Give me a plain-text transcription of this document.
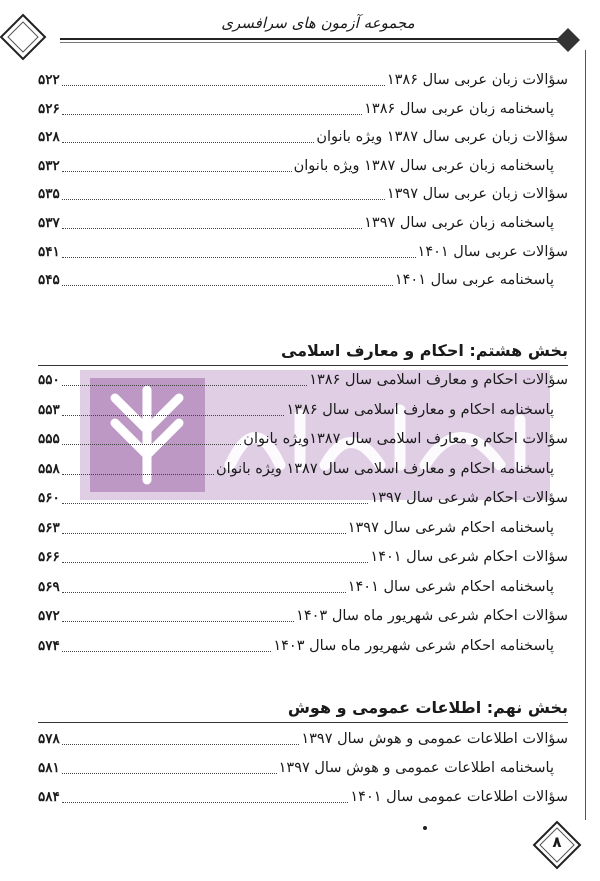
مجموعه آزمون های سرافسری
سؤالات زبان عربی سال ۱۳۸۶
۵۲۲
پاسخنامه زبان عربی سال ۱۳۸۶
۵۲۶
سؤالات زبان عربی سال ۱۳۸۷ ویژه بانوان
۵۲۸
پاسخنامه زبان عربی سال ۱۳۸۷ ویژه بانوان
۵۳۲
سؤالات زبان عربی سال ۱۳۹۷
۵۳۵
پاسخنامه زبان عربی سال ۱۳۹۷
۵۳۷
سؤالات عربی سال ۱۴۰۱
۵۴۱
پاسخنامه عربی سال ۱۴۰۱
۵۴۵
بخش هشتم: احکام و معارف اسلامی
سؤالات احکام و معارف اسلامی سال ۱۳۸۶
۵۵۰
پاسخنامه احکام و معارف اسلامی سال ۱۳۸۶
۵۵۳
سؤالات احکام و معارف اسلامی سال ۱۳۸۷ویژه بانوان
۵۵۵
پاسخنامه احکام و معارف اسلامی سال ۱۳۸۷ ویژه بانوان
۵۵۸
سؤالات احکام شرعی سال ۱۳۹۷
۵۶۰
پاسخنامه احکام شرعی سال ۱۳۹۷
۵۶۳
سؤالات احکام شرعی سال ۱۴۰۱
۵۶۶
پاسخنامه احکام شرعی سال ۱۴۰۱
۵۶۹
سؤالات احکام شرعی شهریور ماه سال ۱۴۰۳
۵۷۲
پاسخنامه احکام شرعی شهریور ماه سال ۱۴۰۳
۵۷۴
بخش نهم: اطلاعات عمومی و هوش
سؤالات اطلاعات عمومی و هوش سال ۱۳۹۷
۵۷۸
پاسخنامه اطلاعات عمومی و هوش سال ۱۳۹۷
۵۸۱
سؤالات اطلاعات عمومی سال ۱۴۰۱
۵۸۴
۸
